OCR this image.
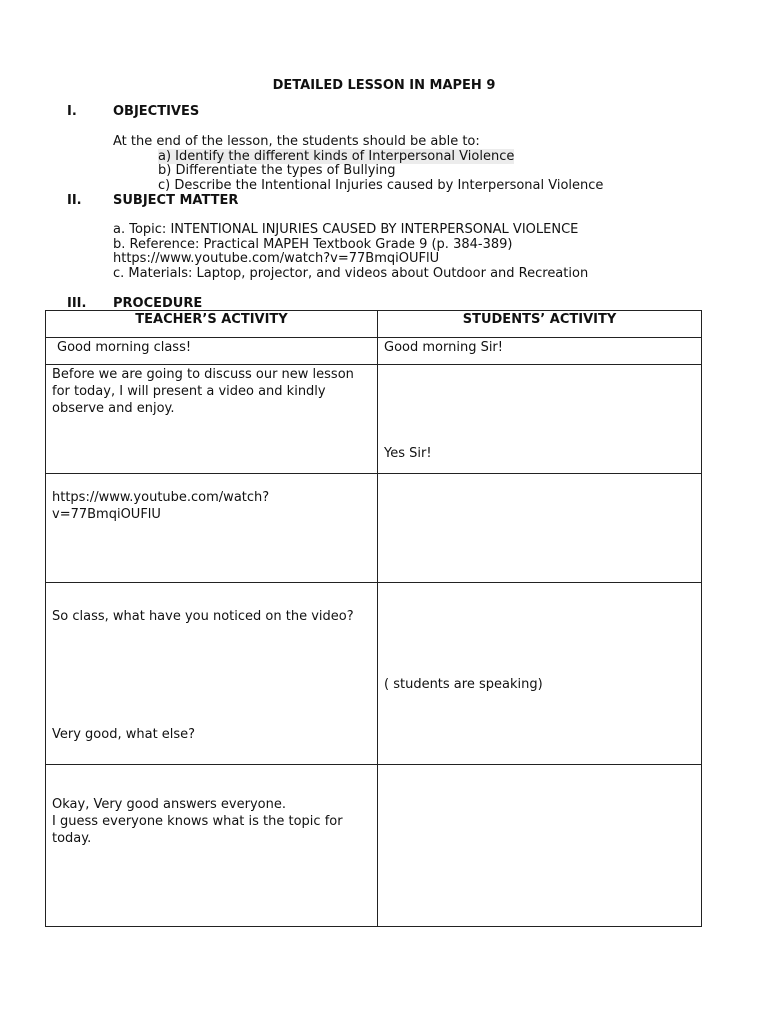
DETAILED LESSON IN MAPEH 9
I.	OBJECTIVES
At the end of the lesson, the students should be able to:
a) Identify the different kinds of Interpersonal Violence
b) Differentiate the types of Bullying
c) Describe the Intentional Injuries caused by Interpersonal Violence
II. SUBJECT MATTER
a. Topic: INTENTIONAL INJURIES CAUSED BY INTERPERSONAL VIOLENCE
b. Reference: Practical MAPEH Textbook Grade 9 (p. 384-389)
https://www.youtube.com/watch?v=77BmqiOUFlU
c. Materials: Laptop, projector, and videos about Outdoor and Recreation
III. PROCEDURE
TEACHER’S ACTIVITY	STUDENTS’ ACTIVITY

Good morning class!	Good morning Sir!

Before we are going to discuss our new lesson
for today, I will present a video and kindly
observe and enjoy.	Yes Sir!

https://www.youtube.com/watch?
v=77BmqiOUFlU	

So class, what have you noticed on the video?
Very good, what else?	( students are speaking)

Okay, Very good answers everyone.
I guess everyone knows what is the topic for
today.	
